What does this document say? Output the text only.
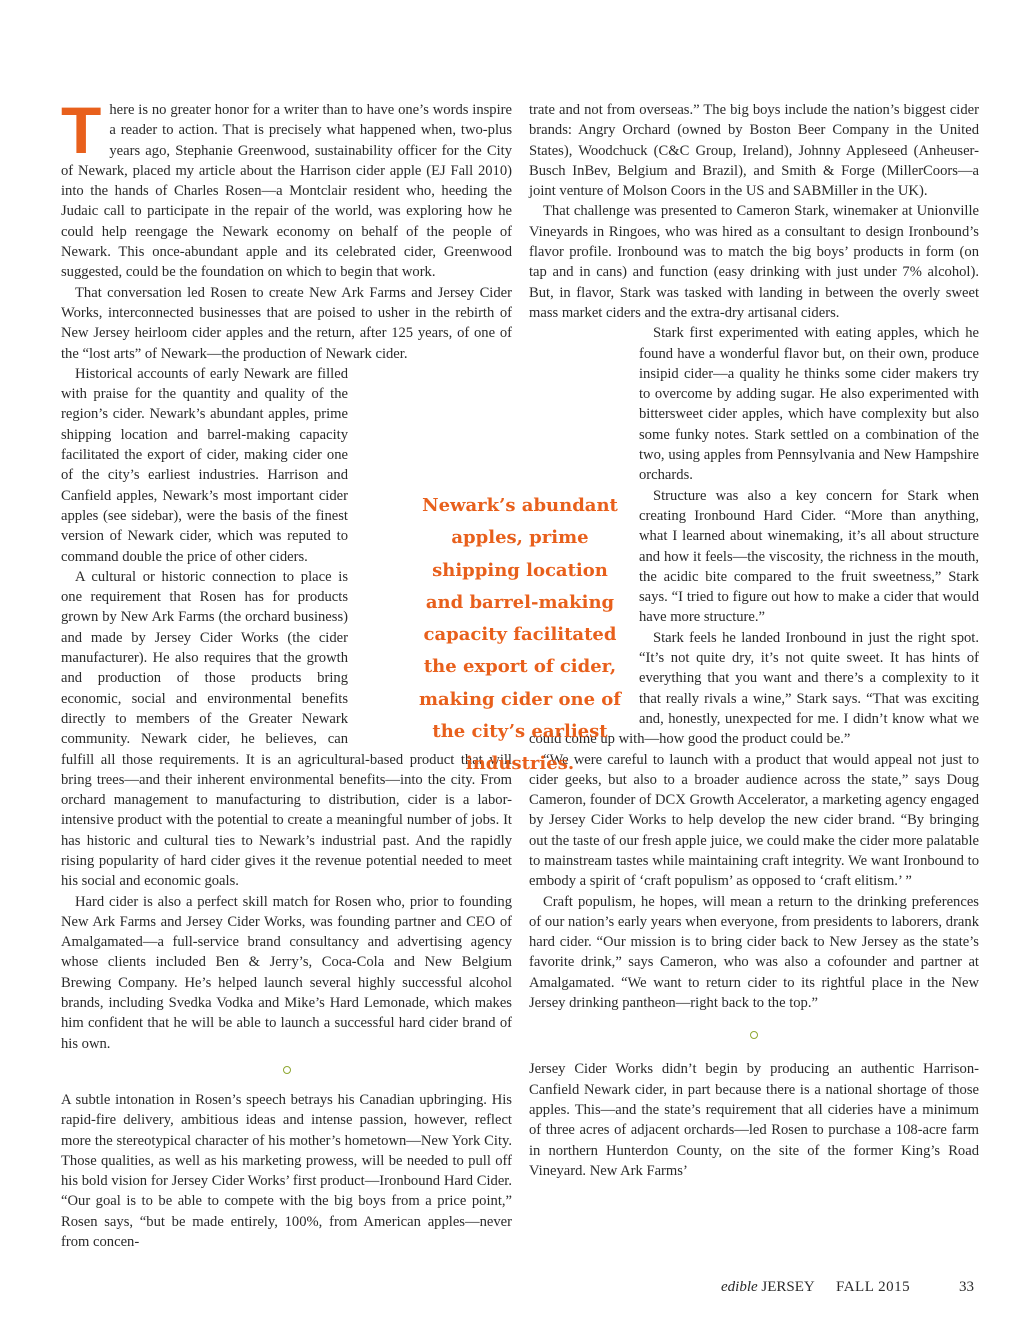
There is no greater honor for a writer than to have one’s words inspire a reader to action. That is precisely what happened when, two-plus years ago, Stephanie Greenwood, sustainability officer for the City of Newark, placed my article about the Harrison cider apple (EJ Fall 2010) into the hands of Charles Rosen—a Montclair resident who, heeding the Judaic call to participate in the repair of the world, was exploring how he could help reengage the Newark economy on behalf of the people of Newark. This once-abundant apple and its celebrated cider, Greenwood suggested, could be the foundation on which to begin that work.

That conversation led Rosen to create New Ark Farms and Jersey Cider Works, interconnected businesses that are poised to usher in the rebirth of New Jersey heirloom cider apples and the return, after 125 years, of one of the “lost arts” of Newark—the production of Newark cider.

Historical accounts of early Newark are filled with praise for the quantity and quality of the region’s cider. Newark’s abundant apples, prime shipping location and barrel-making capacity facilitated the export of cider, making cider one of the city’s earliest industries. Harrison and Canfield apples, Newark’s most important cider apples (see sidebar), were the basis of the finest version of Newark cider, which was reputed to command double the price of other ciders.

A cultural or historic connection to place is one requirement that Rosen has for products grown by New Ark Farms (the orchard business) and made by Jersey Cider Works (the cider manufacturer). He also requires that the growth and production of those products bring economic, social and environmental benefits directly to members of the Greater Newark community. Newark cider, he believes, can fulfill all those requirements. It is an agricultural-based product that will bring trees—and their inherent environmental benefits—into the city. From orchard management to manufacturing to distribution, cider is a labor-intensive product with the potential to create a meaningful number of jobs. It has historic and cultural ties to Newark’s industrial past. And the rapidly rising popularity of hard cider gives it the revenue potential needed to meet his social and economic goals.

Hard cider is also a perfect skill match for Rosen who, prior to founding New Ark Farms and Jersey Cider Works, was founding partner and CEO of Amalgamated—a full-service brand consultancy and advertising agency whose clients included Ben & Jerry’s, Coca-Cola and New Belgium Brewing Company. He’s helped launch several highly successful alcohol brands, including Svedka Vodka and Mike’s Hard Lemonade, which makes him confident that he will be able to launch a successful hard cider brand of his own.

A subtle intonation in Rosen’s speech betrays his Canadian upbringing. His rapid-fire delivery, ambitious ideas and intense passion, however, reflect more the stereotypical character of his mother’s hometown—New York City. Those qualities, as well as his marketing prowess, will be needed to pull off his bold vision for Jersey Cider Works’ first product—Ironbound Hard Cider. “Our goal is to be able to compete with the big boys from a price point,” Rosen says, “but be made entirely, 100%, from American apples—never from concen-

trate and not from overseas.” The big boys include the nation’s biggest cider brands: Angry Orchard (owned by Boston Beer Company in the United States), Woodchuck (C&C Group, Ireland), Johnny Appleseed (Anheuser-Busch InBev, Belgium and Brazil), and Smith & Forge (MillerCoors—a joint venture of Molson Coors in the US and SABMiller in the UK).

That challenge was presented to Cameron Stark, winemaker at Unionville Vineyards in Ringoes, who was hired as a consultant to design Ironbound’s flavor profile. Ironbound was to match the big boys’ products in form (on tap and in cans) and function (easy drinking with just under 7% alcohol). But, in flavor, Stark was tasked with landing in between the overly sweet mass market ciders and the extra-dry artisanal ciders.

Stark first experimented with eating apples, which he found have a wonderful flavor but, on their own, produce insipid cider—a quality he thinks some cider makers try to overcome by adding sugar. He also experimented with bittersweet cider apples, which have complexity but also some funky notes. Stark settled on a combination of the two, using apples from Pennsylvania and New Hampshire orchards.

Structure was also a key concern for Stark when creating Ironbound Hard Cider. “More than anything, what I learned about winemaking, it’s all about structure and how it feels—the viscosity, the richness in the mouth, the acidic bite compared to the fruit sweetness,” Stark says. “I tried to figure out how to make a cider that would have more structure.”

Stark feels he landed Ironbound in just the right spot. “It’s not quite dry, it’s not quite sweet. It has hints of everything that you want and there’s a complexity to it that really rivals a wine,” Stark says. “That was exciting and, honestly, unexpected for me. I didn’t know what we could come up with—how good the product could be.”

“We were careful to launch with a product that would appeal not just to cider geeks, but also to a broader audience across the state,” says Doug Cameron, founder of DCX Growth Accelerator, a marketing agency engaged by Jersey Cider Works to help develop the new cider brand. “By bringing out the taste of our fresh apple juice, we could make the cider more palatable to mainstream tastes while maintaining craft integrity. We want Ironbound to embody a spirit of ‘craft populism’ as opposed to ‘craft elitism.’ ”

Craft populism, he hopes, will mean a return to the drinking preferences of our nation’s early years when everyone, from presidents to laborers, drank hard cider. “Our mission is to bring cider back to New Jersey as the state’s favorite drink,” says Cameron, who was also a cofounder and partner at Amalgamated. “We want to return cider to its rightful place in the New Jersey drinking pantheon—right back to the top.”

Jersey Cider Works didn’t begin by producing an authentic Harrison-Canfield Newark cider, in part because there is a national shortage of those apples. This—and the state’s requirement that all cideries have a minimum of three acres of adjacent orchards—led Rosen to purchase a 108-acre farm in northern Hunterdon County, on the site of the former King’s Road Vineyard. New Ark Farms’

Newark’s abundant apples, prime shipping location and barrel-making capacity facilitated the export of cider, making cider one of the city’s earliest industries.
edible JERSEY FALL 2015	33
